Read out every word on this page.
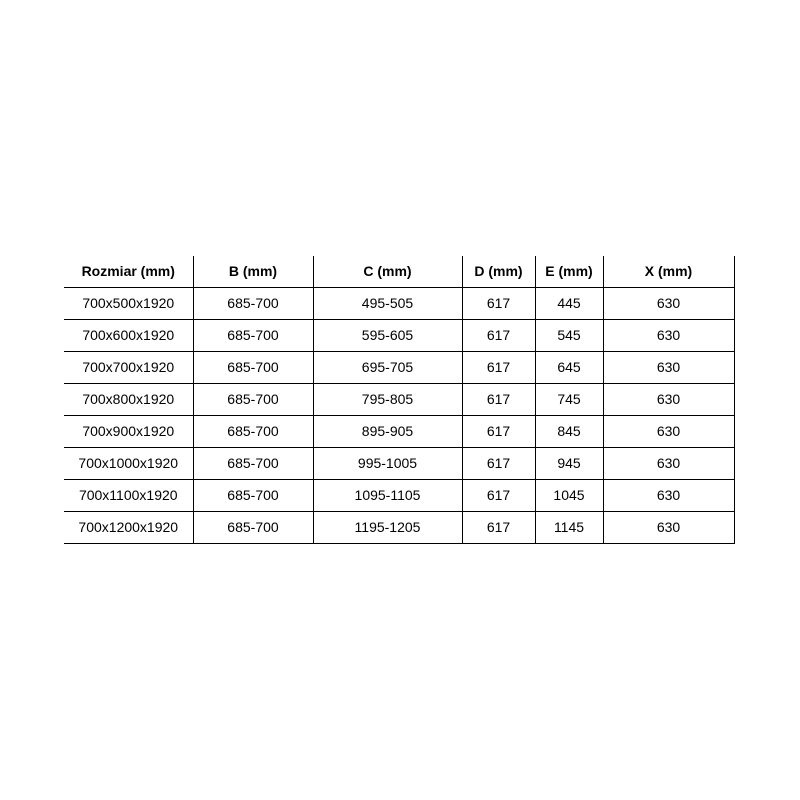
Rozmiar (mm)	B (mm)	C (mm)	D (mm)	E (mm)	X (mm)
700x500x1920	685-700	495-505	617	445	630
700x600x1920	685-700	595-605	617	545	630
700x700x1920	685-700	695-705	617	645	630
700x800x1920	685-700	795-805	617	745	630
700x900x1920	685-700	895-905	617	845	630
700x1000x1920	685-700	995-1005	617	945	630
700x1100x1920	685-700	1095-1105	617	1045	630
700x1200x1920	685-700	1195-1205	617	1145	630
